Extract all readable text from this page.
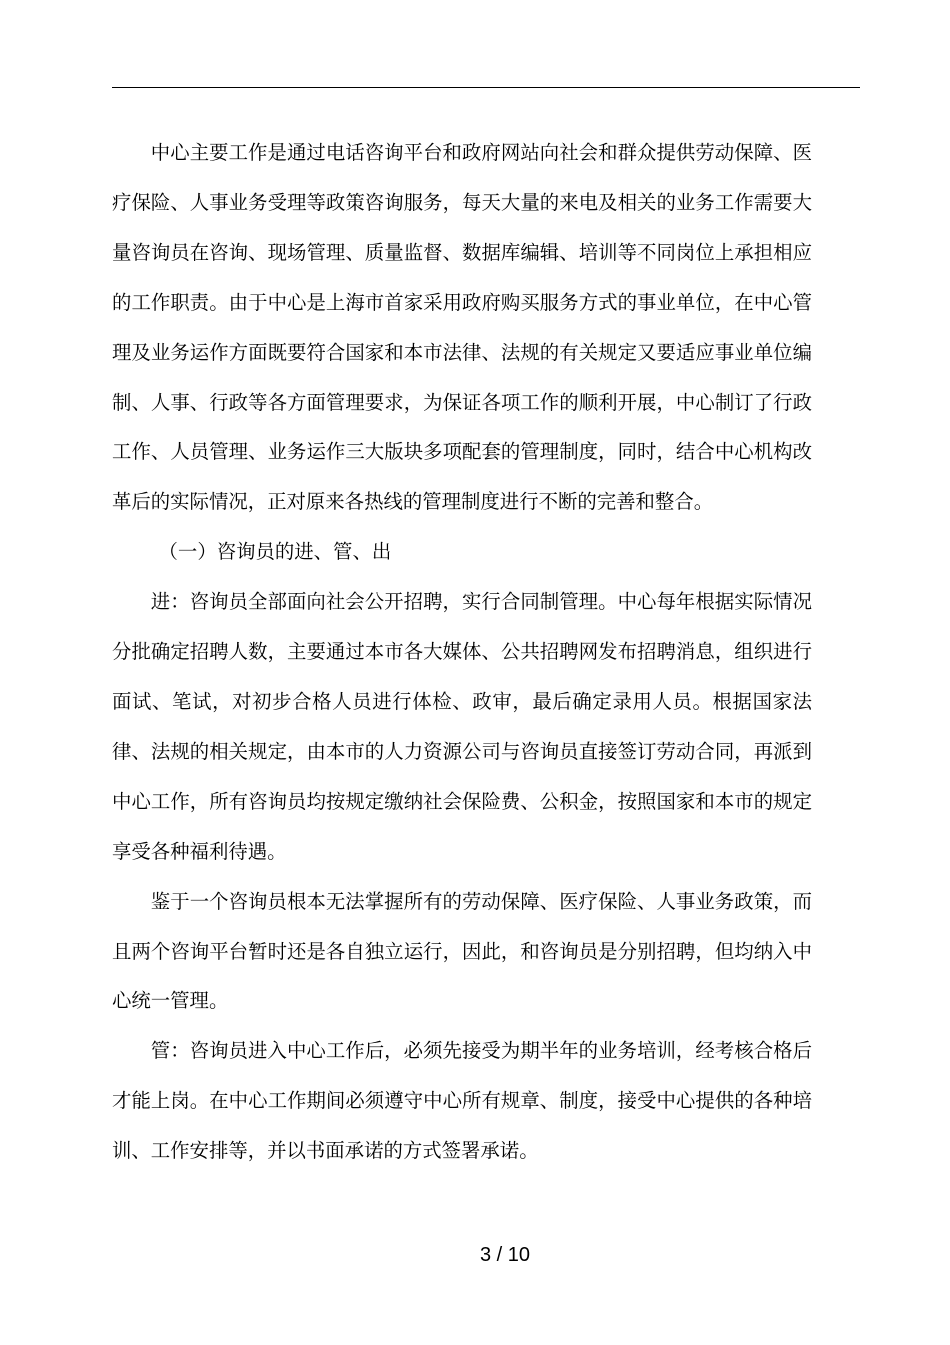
中心主要工作是通过电话咨询平台和政府网站向社会和群众提供劳动保障、医疗保险、人事业务受理等政策咨询服务，每天大量的来电及相关的业务工作需要大量咨询员在咨询、现场管理、质量监督、数据库编辑、培训等不同岗位上承担相应的工作职责。由于中心是上海市首家采用政府购买服务方式的事业单位，在中心管理及业务运作方面既要符合国家和本市法律、法规的有关规定又要适应事业单位编制、人事、行政等各方面管理要求，为保证各项工作的顺利开展，中心制订了行政工作、人员管理、业务运作三大版块多项配套的管理制度，同时，结合中心机构改革后的实际情况，正对原来各热线的管理制度进行不断的完善和整合。

（一）咨询员的进、管、出

进：咨询员全部面向社会公开招聘，实行合同制管理。中心每年根据实际情况分批确定招聘人数，主要通过本市各大媒体、公共招聘网发布招聘消息，组织进行面试、笔试，对初步合格人员进行体检、政审，最后确定录用人员。根据国家法律、法规的相关规定，由本市的人力资源公司与咨询员直接签订劳动合同，再派到中心工作，所有咨询员均按规定缴纳社会保险费、公积金，按照国家和本市的规定享受各种福利待遇。

鉴于一个咨询员根本无法掌握所有的劳动保障、医疗保险、人事业务政策，而且两个咨询平台暂时还是各自独立运行，因此，和咨询员是分别招聘，但均纳入中心统一管理。

管：咨询员进入中心工作后，必须先接受为期半年的业务培训，经考核合格后才能上岗。在中心工作期间必须遵守中心所有规章、制度，接受中心提供的各种培训、工作安排等，并以书面承诺的方式签署承诺。

3 / 10
